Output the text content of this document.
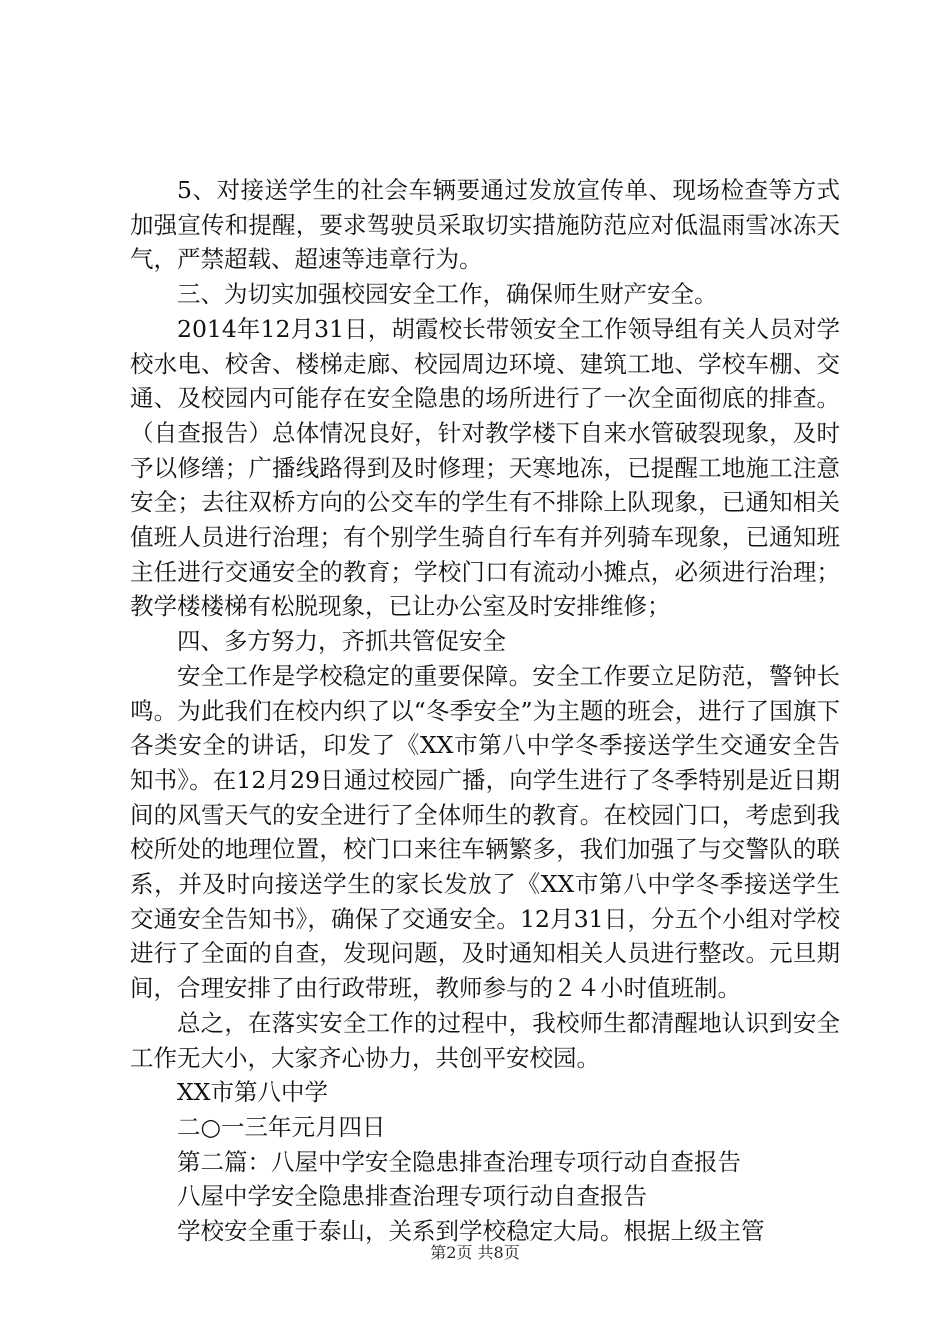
5、对接送学生的社会车辆要通过发放宣传单、现场检查等方式加强宣传和提醒，要求驾驶员采取切实措施防范应对低温雨雪冰冻天气，严禁超载、超速等违章行为。

三、为切实加强校园安全工作，确保师生财产安全。

2014年12月31日，胡霞校长带领安全工作领导组有关人员对学校水电、校舍、楼梯走廊、校园周边环境、建筑工地、学校车棚、交通、及校园内可能存在安全隐患的场所进行了一次全面彻底的排查。（自查报告）总体情况良好，针对教学楼下自来水管破裂现象，及时予以修缮；广播线路得到及时修理；天寒地冻，已提醒工地施工注意安全；去往双桥方向的公交车的学生有不排除上队现象，已通知相关值班人员进行治理；有个别学生骑自行车有并列骑车现象，已通知班主任进行交通安全的教育；学校门口有流动小摊点，必须进行治理；教学楼楼梯有松脱现象，已让办公室及时安排维修；

四、多方努力，齐抓共管促安全

安全工作是学校稳定的重要保障。安全工作要立足防范，警钟长鸣。为此我们在校内织了以“冬季安全”为主题的班会，进行了国旗下各类安全的讲话，印发了《XX市第八中学冬季接送学生交通安全告知书》。在12月29日通过校园广播，向学生进行了冬季特别是近日期间的风雪天气的安全进行了全体师生的教育。在校园门口，考虑到我校所处的地理位置，校门口来往车辆繁多，我们加强了与交警队的联系，并及时向接送学生的家长发放了《XX市第八中学冬季接送学生交通安全告知书》，确保了交通安全。12月31日，分五个小组对学校进行了全面的自查，发现问题，及时通知相关人员进行整改。元旦期间，合理安排了由行政带班，教师参与的２４小时值班制。

总之，在落实安全工作的过程中，我校师生都清醒地认识到安全工作无大小，大家齐心协力，共创平安校园。

XX市第八中学

二○一三年元月四日

第二篇：八屋中学安全隐患排查治理专项行动自查报告

八屋中学安全隐患排查治理专项行动自查报告

学校安全重于泰山，关系到学校稳定大局。根据上级主管

第2页 共8页
